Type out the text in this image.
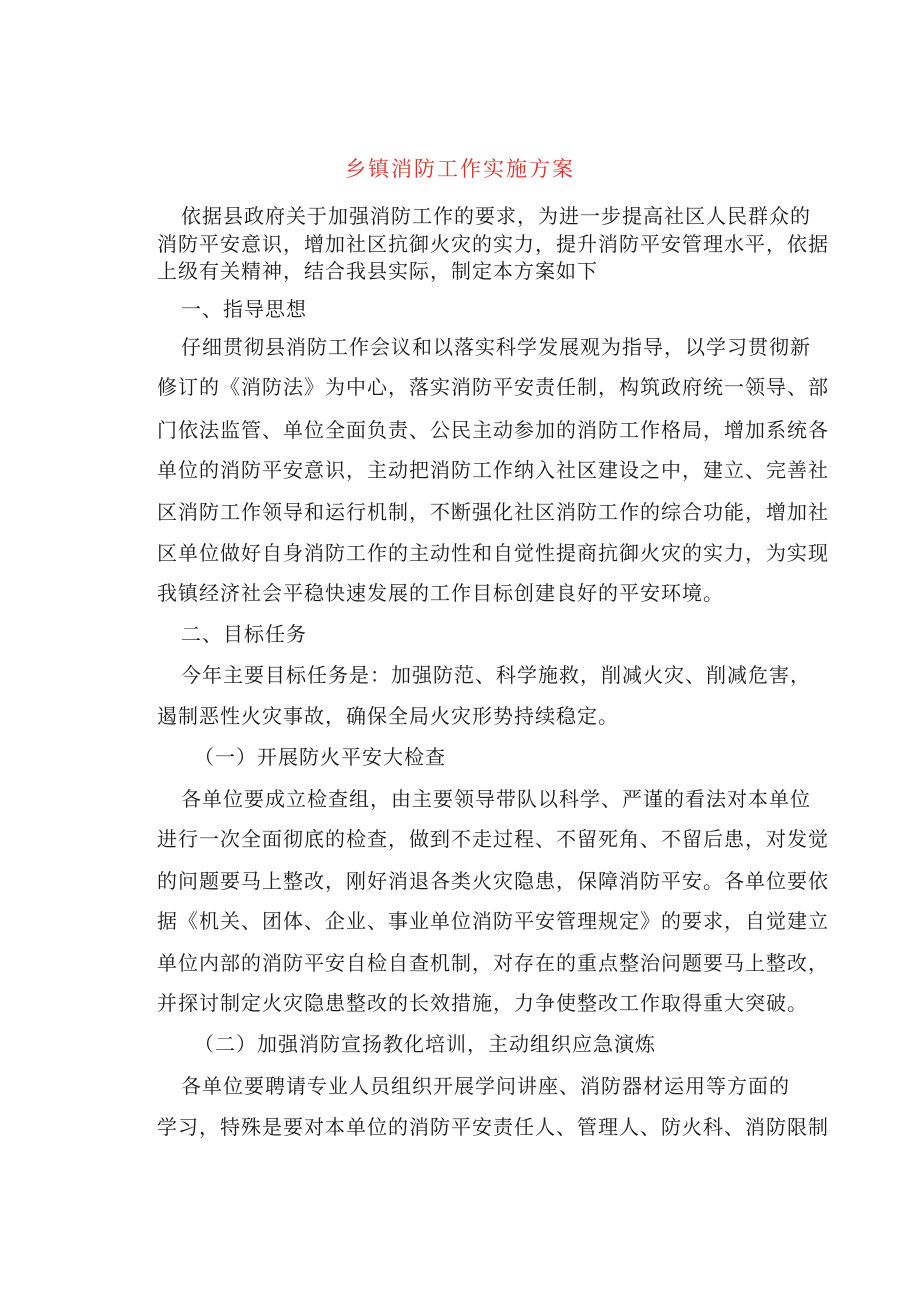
乡镇消防工作实施方案
依据县政府关于加强消防工作的要求，为进一步提高社区人民群众的
消防平安意识，增加社区抗御火灾的实力，提升消防平安管理水平，依据
上级有关精神，结合我县实际，制定本方案如下
一、指导思想
仔细贯彻县消防工作会议和以落实科学发展观为指导，以学习贯彻新
修订的《消防法》为中心，落实消防平安责任制，构筑政府统一领导、部
门依法监管、单位全面负责、公民主动参加的消防工作格局，增加系统各
单位的消防平安意识，主动把消防工作纳入社区建设之中，建立、完善社
区消防工作领导和运行机制，不断强化社区消防工作的综合功能，增加社
区单位做好自身消防工作的主动性和自觉性提商抗御火灾的实力，为实现
我镇经济社会平稳快速发展的工作目标创建良好的平安环境。
二、目标任务
今年主要目标任务是：加强防范、科学施救，削减火灾、削减危害，
遏制恶性火灾事故，确保全局火灾形势持续稳定。
（一）开展防火平安大检查
各单位要成立检查组，由主要领导带队以科学、严谨的看法对本单位
进行一次全面彻底的检查，做到不走过程、不留死角、不留后患，对发觉
的问题要马上整改，刚好消退各类火灾隐患，保障消防平安。各单位要依
据《机关、团体、企业、事业单位消防平安管理规定》的要求，自觉建立
单位内部的消防平安自检自查机制，对存在的重点整治问题要马上整改，
并探讨制定火灾隐患整改的长效措施，力争使整改工作取得重大突破。
（二）加强消防宣扬教化培训，主动组织应急演炼
各单位要聘请专业人员组织开展学问讲座、消防器材运用等方面的
学习，特殊是要对本单位的消防平安责任人、管理人、防火科、消防限制
